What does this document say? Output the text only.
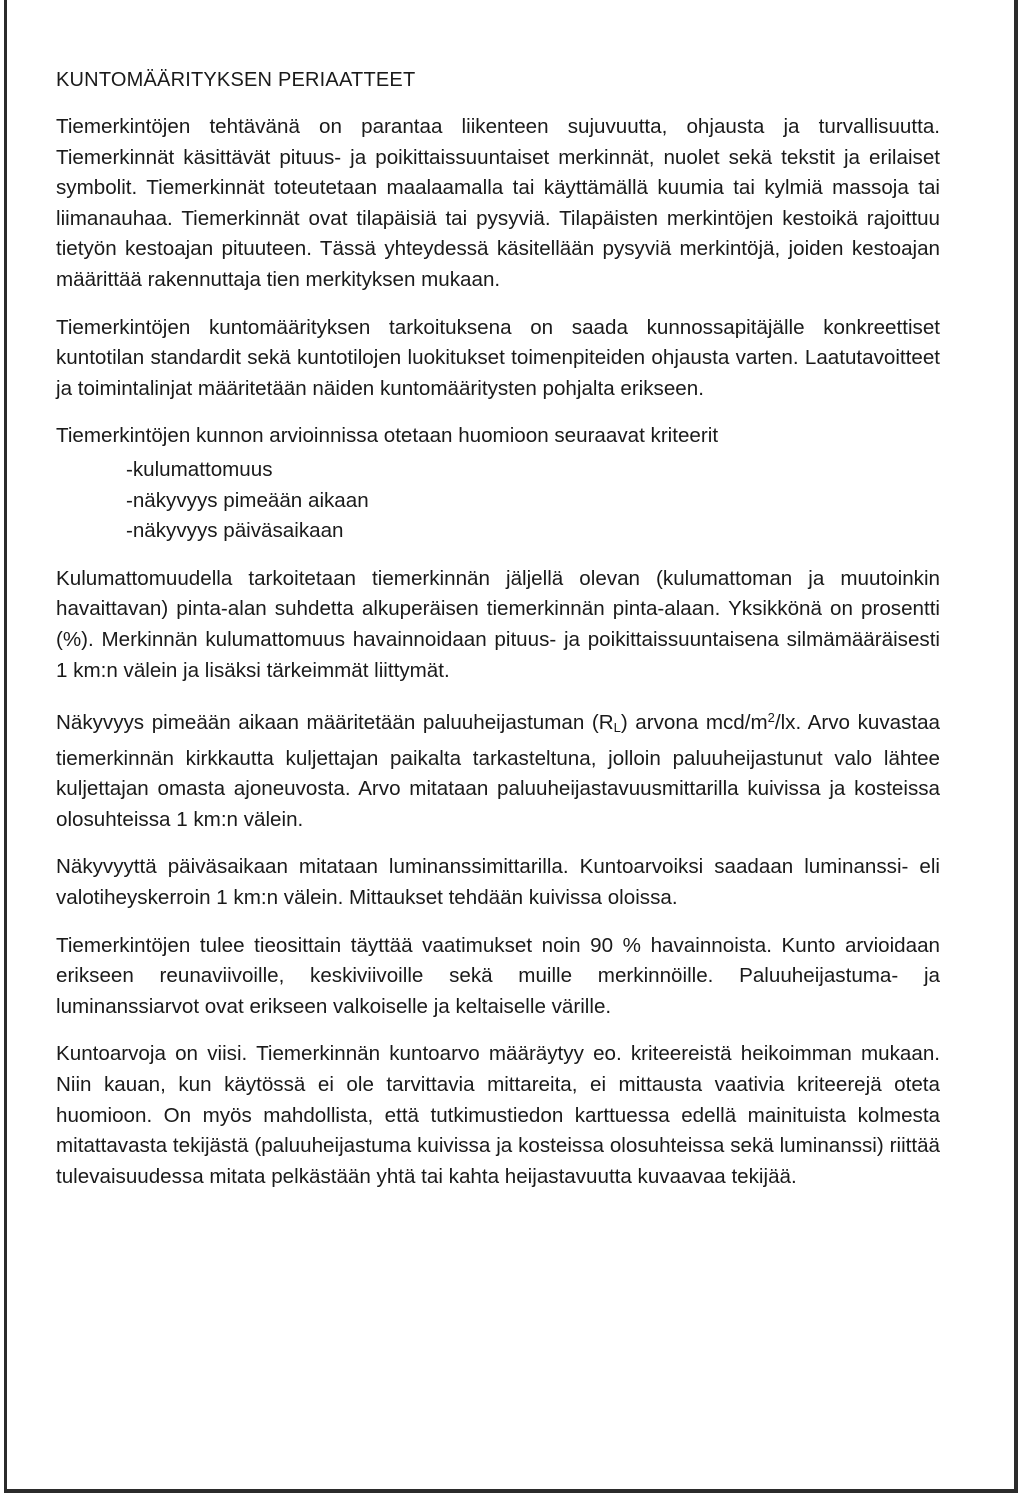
KUNTOMÄÄRITYKSEN PERIAATTEET

Tiemerkintöjen tehtävänä on parantaa liikenteen sujuvuutta, ohjausta ja turvallisuutta. Tiemerkinnät käsittävät pituus- ja poikittaissuuntaiset merkinnät, nuolet sekä tekstit ja erilaiset symbolit. Tiemerkinnät toteutetaan maalaamalla tai käyttämällä kuumia tai kylmiä massoja tai liimanauhaa. Tiemerkinnät ovat tilapäisiä tai pysyviä. Tilapäisten merkintöjen kestoikä rajoittuu tietyön kestoajan pituuteen. Tässä yhteydessä käsitellään pysyviä merkintöjä, joiden kestoajan määrittää rakennuttaja tien merkityksen mukaan.

Tiemerkintöjen kuntomäärityksen tarkoituksena on saada kunnossapitäjälle konkreettiset kuntotilan standardit sekä kuntotilojen luokitukset toimenpiteiden ohjausta varten. Laatutavoitteet ja toimintalinjat määritetään näiden kuntomääritysten pohjalta erikseen.

Tiemerkintöjen kunnon arvioinnissa otetaan huomioon seuraavat kriteerit

-kulumattomuus
-näkyvyys pimeään aikaan
-näkyvyys päiväsaikaan

Kulumattomuudella tarkoitetaan tiemerkinnän jäljellä olevan (kulumattoman ja muutoinkin havaittavan) pinta-alan suhdetta alkuperäisen tiemerkinnän pinta-alaan. Yksikkönä on prosentti (%). Merkinnän kulumattomuus havainnoidaan pituus- ja poikittaissuuntaisena silmämääräisesti 1 km:n välein ja lisäksi tärkeimmät liittymät.

Näkyvyys pimeään aikaan määritetään paluuheijastuman $(R_L)$ arvona mcd/$m^2/lx$. Arvo kuvastaa tiemerkinnän kirkkautta kuljettajan paikalta tarkasteltuna, jolloin paluuheijastunut valo lähtee kuljettajan omasta ajoneuvosta. Arvo mitataan paluuheijastavuusmittarilla kuivissa ja kosteissa olosuhteissa 1 km:n välein.

Näkyvyyttä päiväsaikaan mitataan luminanssimittarilla. Kuntoarvoiksi saadaan luminanssi- eli valotiheyskerroin 1 km:n välein. Mittaukset tehdään kuivissa oloissa.

Tiemerkintöjen tulee tieosittain täyttää vaatimukset noin 90 % havainnoista. Kunto arvioidaan erikseen reunaviivoille, keskiviivoille sekä muille merkinnöille. Paluuheijastuma- ja luminanssiarvot ovat erikseen valkoiselle ja keltaiselle värille.

Kuntoarvoja on viisi. Tiemerkinnän kuntoarvo määräytyy eo. kriteereistä heikoimman mukaan. Niin kauan, kun käytössä ei ole tarvittavia mittareita, ei mittausta vaativia kriteerejä oteta huomioon. On myös mahdollista, että tutkimustiedon karttuessa edellä mainituista kolmesta mitattavasta tekijästä (paluuheijastuma kuivissa ja kosteissa olosuhteissa sekä luminanssi) riittää tulevaisuudessa mitata pelkästään yhtä tai kahta heijastavuutta kuvaavaa tekijää.
